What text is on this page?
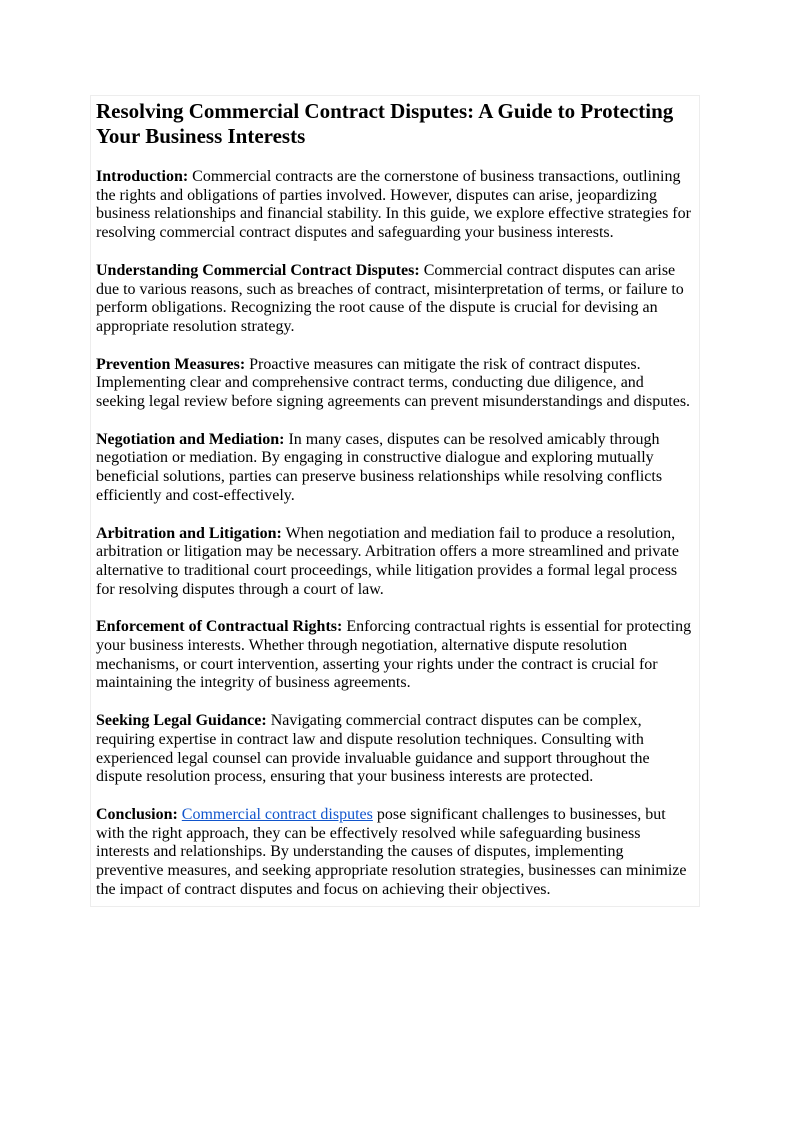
Resolving Commercial Contract Disputes: A Guide to Protecting Your Business Interests

Introduction: Commercial contracts are the cornerstone of business transactions, outlining the rights and obligations of parties involved. However, disputes can arise, jeopardizing business relationships and financial stability. In this guide, we explore effective strategies for resolving commercial contract disputes and safeguarding your business interests.

Understanding Commercial Contract Disputes: Commercial contract disputes can arise due to various reasons, such as breaches of contract, misinterpretation of terms, or failure to perform obligations. Recognizing the root cause of the dispute is crucial for devising an appropriate resolution strategy.

Prevention Measures: Proactive measures can mitigate the risk of contract disputes. Implementing clear and comprehensive contract terms, conducting due diligence, and seeking legal review before signing agreements can prevent misunderstandings and disputes.

Negotiation and Mediation: In many cases, disputes can be resolved amicably through negotiation or mediation. By engaging in constructive dialogue and exploring mutually beneficial solutions, parties can preserve business relationships while resolving conflicts efficiently and cost-effectively.

Arbitration and Litigation: When negotiation and mediation fail to produce a resolution, arbitration or litigation may be necessary. Arbitration offers a more streamlined and private alternative to traditional court proceedings, while litigation provides a formal legal process for resolving disputes through a court of law.

Enforcement of Contractual Rights: Enforcing contractual rights is essential for protecting your business interests. Whether through negotiation, alternative dispute resolution mechanisms, or court intervention, asserting your rights under the contract is crucial for maintaining the integrity of business agreements.

Seeking Legal Guidance: Navigating commercial contract disputes can be complex, requiring expertise in contract law and dispute resolution techniques. Consulting with experienced legal counsel can provide invaluable guidance and support throughout the dispute resolution process, ensuring that your business interests are protected.

Conclusion: Commercial contract disputes pose significant challenges to businesses, but with the right approach, they can be effectively resolved while safeguarding business interests and relationships. By understanding the causes of disputes, implementing preventive measures, and seeking appropriate resolution strategies, businesses can minimize the impact of contract disputes and focus on achieving their objectives.
